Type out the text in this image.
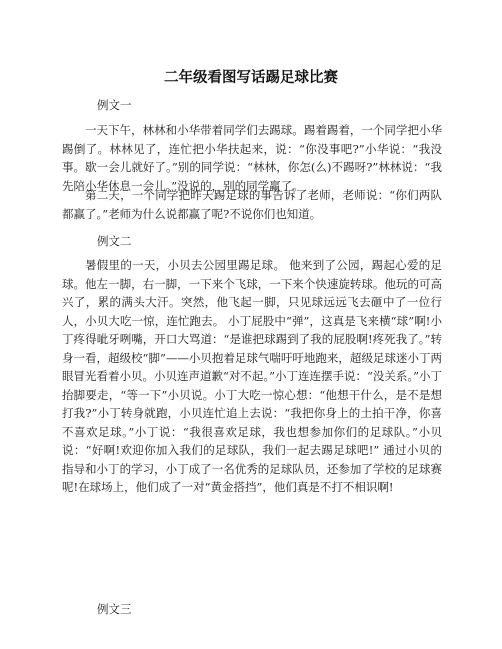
二年级看图写话踢足球比赛
例文一

一天下午，林林和小华带着同学们去踢球。踢着踢着，一个同学把小华踢倒了。林林见了，连忙把小华扶起来，说：“你没事吧?”小华说：“我没事。歇一会儿就好了。”别的同学说：“林林，你怎(么)不踢呀?”林林说：“我先陪小华休息一会儿。”没说的，别的同学赢了。

第二天，一个同学把昨天踢足球的事告诉了老师，老师说：“你们两队都赢了。”老师为什么说都赢了呢?不说你们也知道。

例文二

暑假里的一天，小贝去公园里踢足球。 他来到了公园，踢起心爱的足球。他左一脚，右一脚，一下来个飞球，一下来个快速旋转球。他玩的可高兴了，累的满头大汗。突然，他飞起一脚，只见球远远飞去砸中了一位行人，小贝大吃一惊，连忙跑去。 小丁屁股中“弹”，这真是飞来横“球”啊!小丁疼得呲牙咧嘴，开口大骂道：“是谁把球踢到了我的屁股啊!疼死我了。”转身一看，超级校“脚”——小贝抱着足球气喘吁吁地跑来，超级足球迷小丁两眼冒光看着小贝。小贝连声道歉“对不起。”小丁连连摆手说：“没关系。”小丁抬脚要走，“等一下”小贝说。小丁大吃一惊心想：“他想干什么，是不是想打我?”小丁转身就跑，小贝连忙追上去说：“我把你身上的土拍干净，你喜不喜欢足球。”小丁说：“我很喜欢足球，我也想参加你们的足球队。”小贝说：“好啊!欢迎你加入我们的足球队，我们一起去踢足球吧!” 通过小贝的指导和小丁的学习，小丁成了一名优秀的足球队员，还参加了学校的足球赛呢!在球场上，他们成了一对“黄金搭挡”，他们真是不打不相识啊!

例文三
